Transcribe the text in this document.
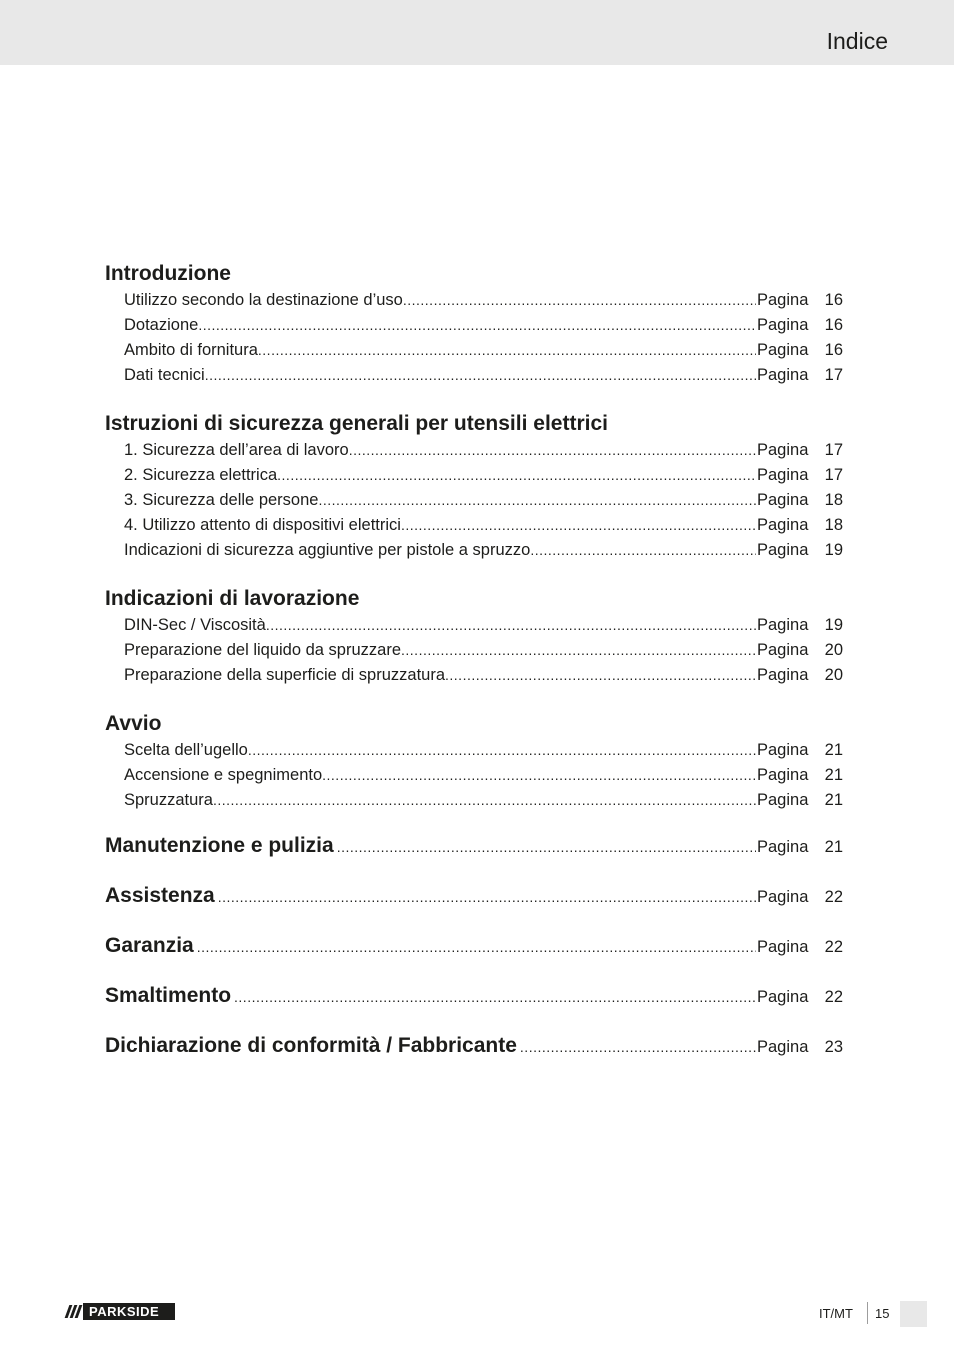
Indice
Introduzione
Utilizzo secondo la destinazione d’uso .....	Pagina 16
Dotazione .....	Pagina 16
Ambito di fornitura .....	Pagina 16
Dati tecnici .....	Pagina 17
Istruzioni di sicurezza generali per utensili elettrici
1. Sicurezza dell’area di lavoro .....	Pagina 17
2. Sicurezza elettrica .....	Pagina 17
3. Sicurezza delle persone .....	Pagina 18
4. Utilizzo attento di dispositivi elettrici .....	Pagina 18
Indicazioni di sicurezza aggiuntive per pistole a spruzzo .....	Pagina 19
Indicazioni di lavorazione
DIN-Sec / Viscosità .....	Pagina 19
Preparazione del liquido da spruzzare .....	Pagina 20
Preparazione della superficie di spruzzatura .....	Pagina 20
Avvio
Scelta dell’ugello .....	Pagina 21
Accensione e spegnimento .....	Pagina 21
Spruzzatura .....	Pagina 21
Manutenzione e pulizia .....	Pagina 21
Assistenza .....	Pagina 22
Garanzia .....	Pagina 22
Smaltimento .....	Pagina 22
Dichiarazione di conformità / Fabbricante .....	Pagina 23
PARKSIDE	IT/MT 15
